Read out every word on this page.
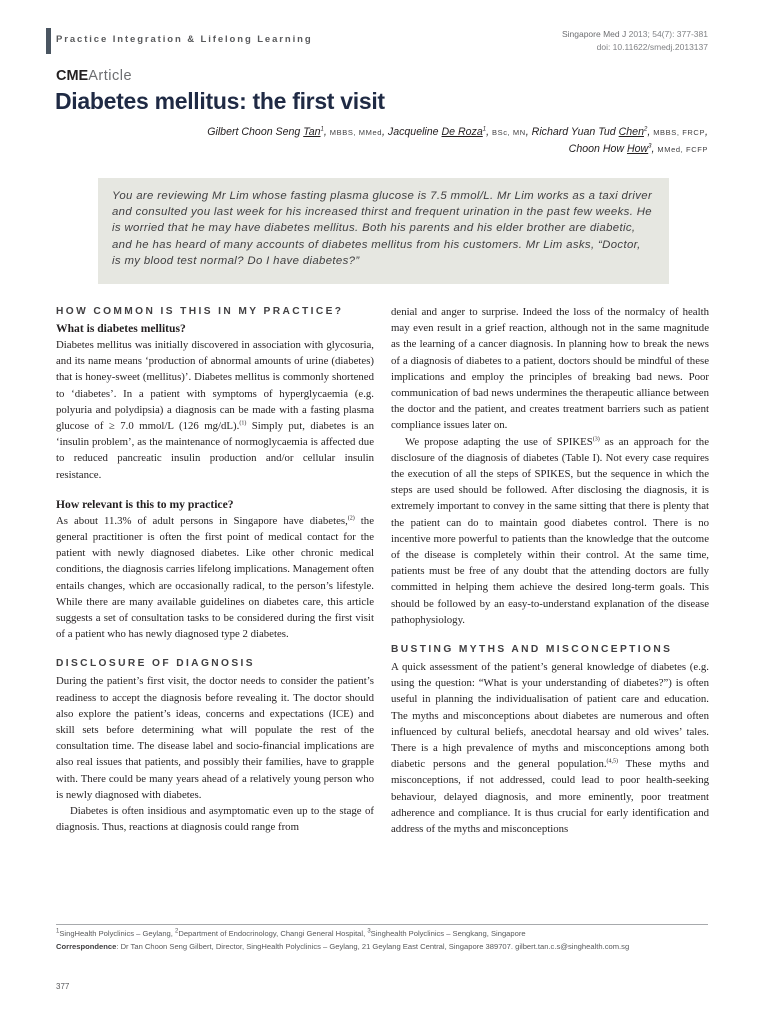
Practice Integration & Lifelong Learning	Singapore Med J 2013; 54(7): 377-381
doi: 10.11622/smedj.2013137
CMEArticle
Diabetes mellitus: the first visit
Gilbert Choon Seng Tan$^1$, MBBS, MMed, Jacqueline De Roza$^1$, BSc, MN, Richard Yuan Tud Chen$^2$, MBBS, FRCP,
Choon How How$^3$, MMed, FCFP

You are reviewing Mr Lim whose fasting plasma glucose is 7.5 mmol/L. Mr Lim works as a taxi driver and consulted you last week for his increased thirst and frequent urination in the past few weeks. He is worried that he may have diabetes mellitus. Both his parents and his elder brother are diabetic, and he has heard of many accounts of diabetes mellitus from his customers. Mr Lim asks, “Doctor, is my blood test normal? Do I have diabetes?”

HOW COMMON IS THIS IN MY PRACTICE?
What is diabetes mellitus?

Diabetes mellitus was initially discovered in association with glycosuria, and its name means ‘production of abnormal amounts of urine (diabetes) that is honey-sweet (mellitus)’. Diabetes mellitus is commonly shortened to ‘diabetes’. In a patient with symptoms of hyperglycaemia (e.g. polyuria and polydipsia) a diagnosis can be made with a fasting plasma glucose of ≥ 7.0 mmol/L (126 mg/dL).$^{(1)}$ Simply put, diabetes is an ‘insulin problem’, as the maintenance of normoglycaemia is affected due to reduced pancreatic insulin production and/or cellular insulin resistance.

How relevant is this to my practice?

As about 11.3% of adult persons in Singapore have diabetes,$^{(2)}$ the general practitioner is often the first point of medical contact for the patient with newly diagnosed diabetes. Like other chronic medical conditions, the diagnosis carries lifelong implications. Management often entails changes, which are occasionally radical, to the person’s lifestyle. While there are many available guidelines on diabetes care, this article suggests a set of consultation tasks to be considered during the first visit of a patient who has newly diagnosed type 2 diabetes.

DISCLOSURE OF DIAGNOSIS

During the patient’s first visit, the doctor needs to consider the patient’s readiness to accept the diagnosis before revealing it. The doctor should also explore the patient’s ideas, concerns and expectations (ICE) and skill sets before determining what will populate the rest of the consultation time. The disease label and socio-financial implications are also real issues that patients, and possibly their families, have to grapple with. There could be many years ahead of a relatively young person who is newly diagnosed with diabetes.

Diabetes is often insidious and asymptomatic even up to the stage of diagnosis. Thus, reactions at diagnosis could range from

denial and anger to surprise. Indeed the loss of the normalcy of health may even result in a grief reaction, although not in the same magnitude as the learning of a cancer diagnosis. In planning how to break the news of a diagnosis of diabetes to a patient, doctors should be mindful of these implications and employ the principles of breaking bad news. Poor communication of bad news undermines the therapeutic alliance between the doctor and the patient, and creates treatment barriers such as patient compliance issues later on.

We propose adapting the use of SPIKES$^{(3)}$ as an approach for the disclosure of the diagnosis of diabetes (Table I). Not every case requires the execution of all the steps of SPIKES, but the sequence in which the steps are used should be followed. After disclosing the diagnosis, it is extremely important to convey in the same sitting that there is plenty that the patient can do to maintain good diabetes control. There is no incentive more powerful to patients than the knowledge that the outcome of the disease is completely within their control. At the same time, patients must be free of any doubt that the attending doctors are fully committed in helping them achieve the desired long-term goals. This should be followed by an easy-to-understand explanation of the disease pathophysiology.

BUSTING MYTHS AND MISCONCEPTIONS

A quick assessment of the patient’s general knowledge of diabetes (e.g. using the question: “What is your understanding of diabetes?”) is often useful in planning the individualisation of patient care and education. The myths and misconceptions about diabetes are numerous and often influenced by cultural beliefs, anecdotal hearsay and old wives’ tales. There is a high prevalence of myths and misconceptions among both diabetic persons and the general population.$^{(4,5)}$ These myths and misconceptions, if not addressed, could lead to poor health-seeking behaviour, delayed diagnosis, and more eminently, poor treatment adherence and compliance. It is thus crucial for early identification and address of the myths and misconceptions

$^1$SingHealth Polyclinics – Geylang, $^2$Department of Endocrinology, Changi General Hospital, $^3$Singhealth Polyclinics – Sengkang, Singapore
Correspondence: Dr Tan Choon Seng Gilbert, Director, SingHealth Polyclinics – Geylang, 21 Geylang East Central, Singapore 389707. gilbert.tan.c.s@singhealth.com.sg
377
